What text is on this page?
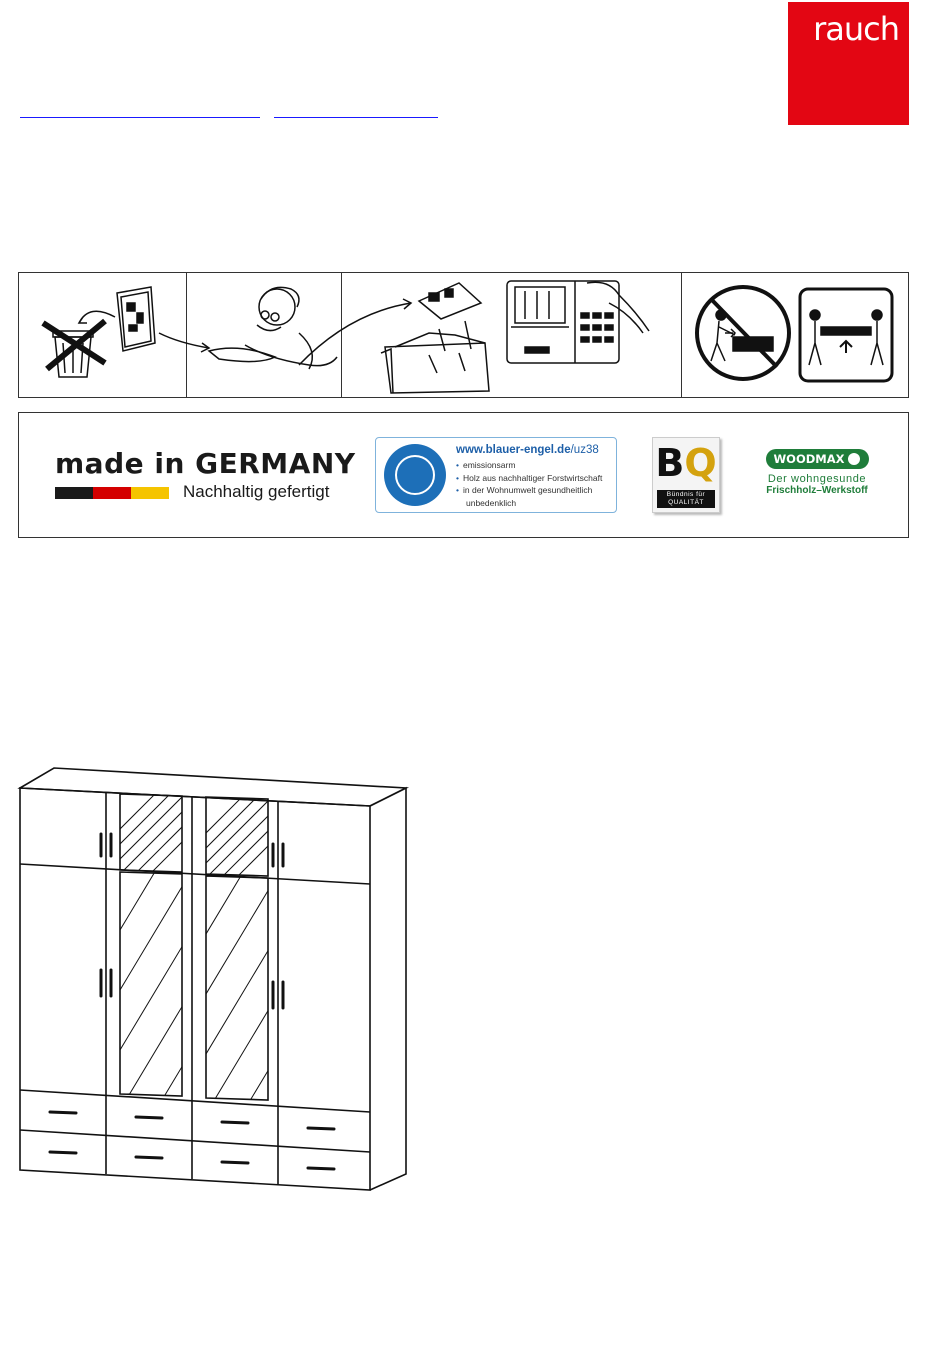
rauch
made in GERMANY
Nachhaltig gefertigt
www.blauer-engel.de/uz38
• emissionsarm
• Holz aus nachhaltiger Forstwirtschaft
• in der Wohnumwelt gesundheitlich
unbedenklich
BQ
Bündnis für QUALITÄT
WOODMAX
Der wohngesunde
Frischholz–Werkstoff
